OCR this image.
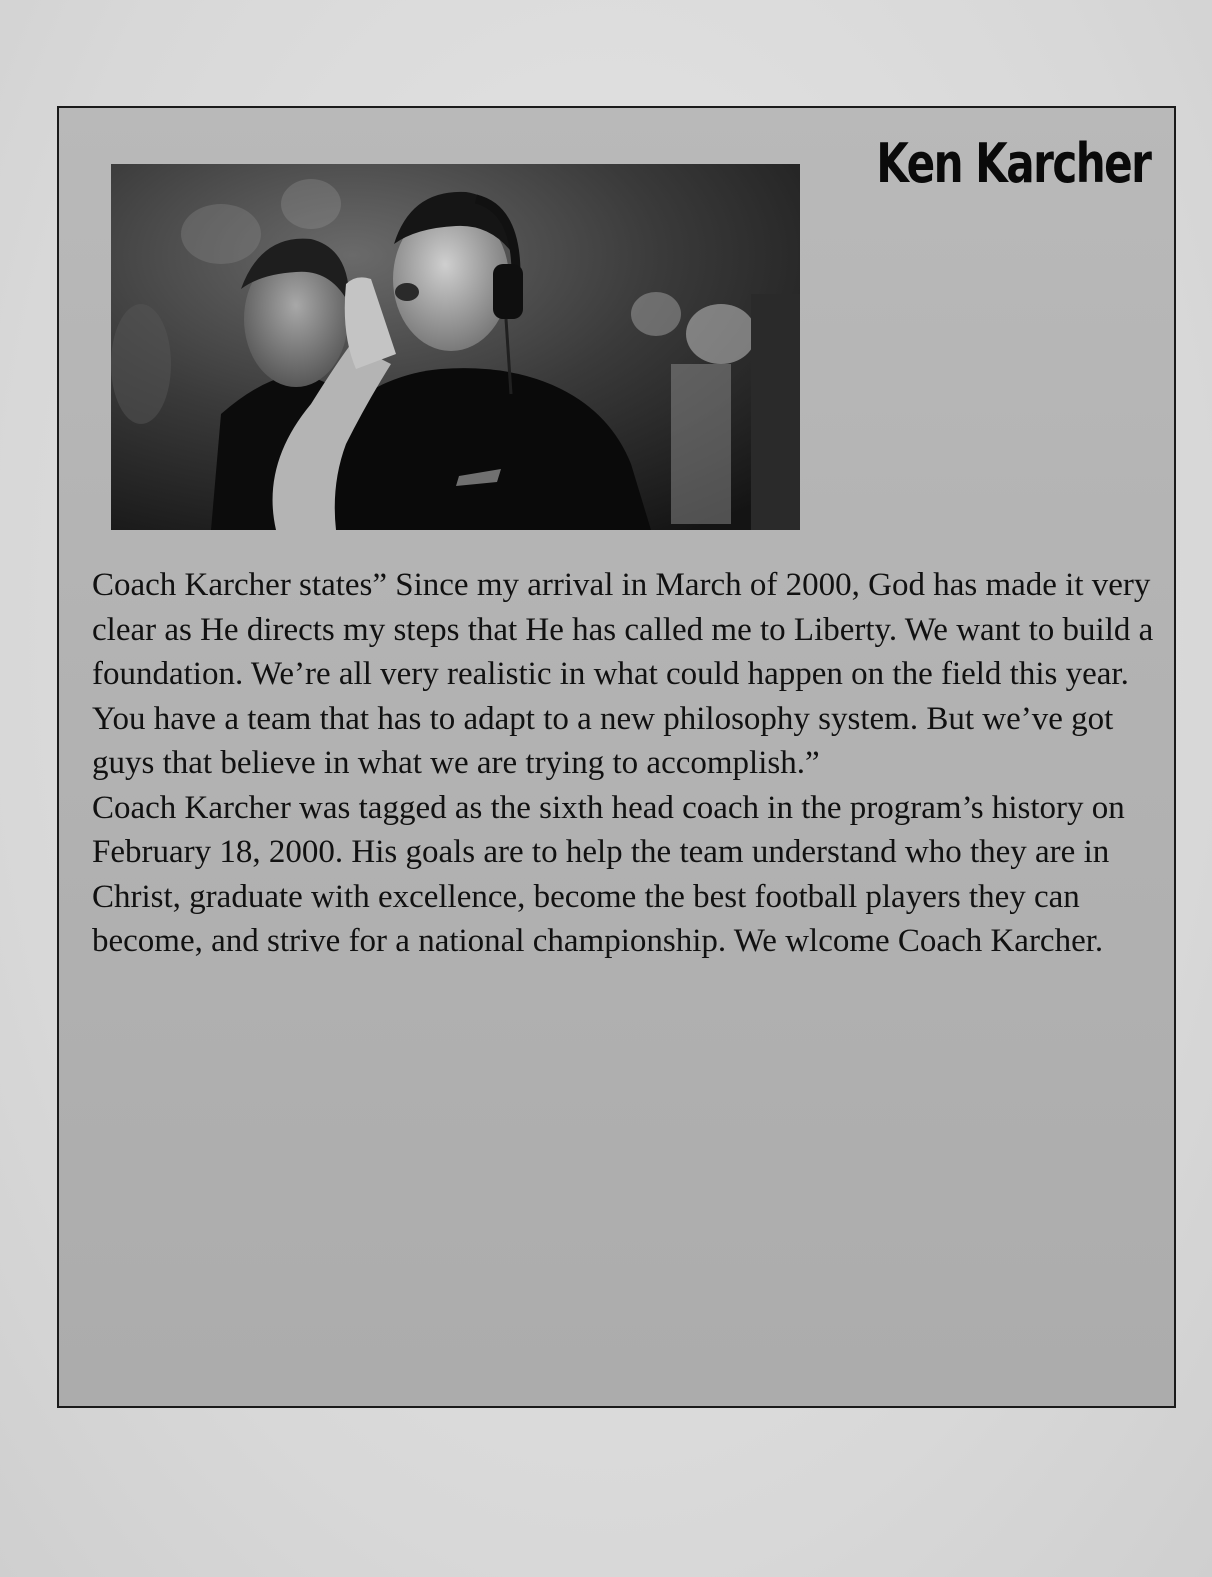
Ken Karcher

Coach Karcher states” Since my arrival in March of 2000, God has made it very clear as He directs my steps that He has called me to Liberty. We want to build a foundation. We’re all very realistic in what could happen on the field this year. You have a team that has to adapt to a new philosophy system. But we’ve got guys that believe in what we are trying to accomplish.”

Coach Karcher was tagged as the sixth head coach in the program’s history on February 18, 2000. His goals are to help the team understand who they are in Christ, graduate with excellence, become the best football players they can become, and strive for a national championship. We wlcome Coach Karcher.
